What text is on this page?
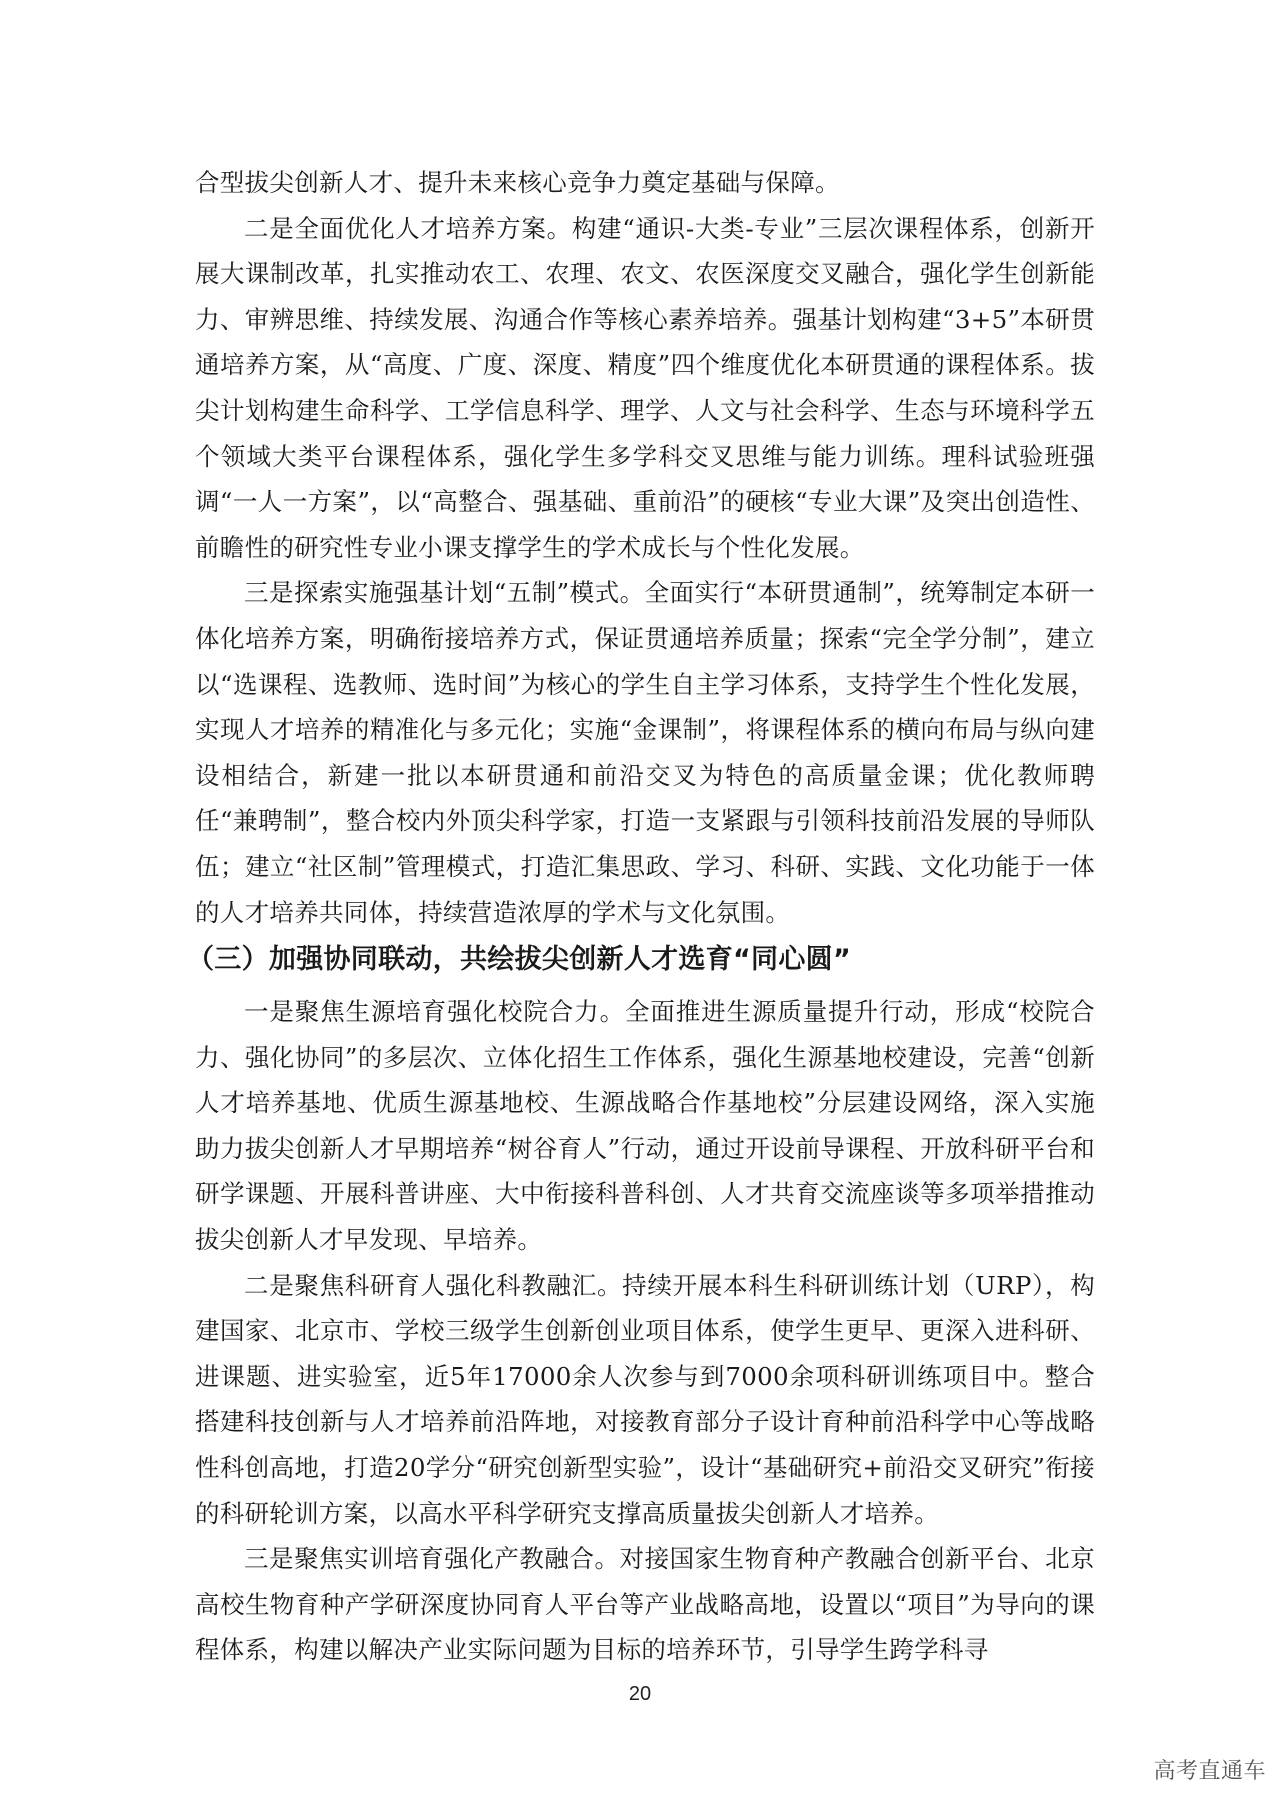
合型拔尖创新人才、提升未来核心竞争力奠定基础与保障。

二是全面优化人才培养方案。构建“通识-大类-专业”三层次课程体系，创新开展大课制改革，扎实推动农工、农理、农文、农医深度交叉融合，强化学生创新能力、审辨思维、持续发展、沟通合作等核心素养培养。强基计划构建“3+5”本研贯通培养方案，从“高度、广度、深度、精度”四个维度优化本研贯通的课程体系。拔尖计划构建生命科学、工学信息科学、理学、人文与社会科学、生态与环境科学五个领域大类平台课程体系，强化学生多学科交叉思维与能力训练。理科试验班强调“一人一方案”，以“高整合、强基础、重前沿”的硬核“专业大课”及突出创造性、前瞻性的研究性专业小课支撑学生的学术成长与个性化发展。

三是探索实施强基计划“五制”模式。全面实行“本研贯通制”，统筹制定本研一体化培养方案，明确衔接培养方式，保证贯通培养质量；探索“完全学分制”，建立以“选课程、选教师、选时间”为核心的学生自主学习体系，支持学生个性化发展，实现人才培养的精准化与多元化；实施“金课制”，将课程体系的横向布局与纵向建设相结合，新建一批以本研贯通和前沿交叉为特色的高质量金课；优化教师聘任“兼聘制”，整合校内外顶尖科学家，打造一支紧跟与引领科技前沿发展的导师队伍；建立“社区制”管理模式，打造汇集思政、学习、科研、实践、文化功能于一体的人才培养共同体，持续营造浓厚的学术与文化氛围。

（三）加强协同联动，共绘拔尖创新人才选育“同心圆”

一是聚焦生源培育强化校院合力。全面推进生源质量提升行动，形成“校院合力、强化协同”的多层次、立体化招生工作体系，强化生源基地校建设，完善“创新人才培养基地、优质生源基地校、生源战略合作基地校”分层建设网络，深入实施助力拔尖创新人才早期培养“树谷育人”行动，通过开设前导课程、开放科研平台和研学课题、开展科普讲座、大中衔接科普科创、人才共育交流座谈等多项举措推动拔尖创新人才早发现、早培养。

二是聚焦科研育人强化科教融汇。持续开展本科生科研训练计划（URP），构建国家、北京市、学校三级学生创新创业项目体系，使学生更早、更深入进科研、进课题、进实验室，近5年17000余人次参与到7000余项科研训练项目中。整合搭建科技创新与人才培养前沿阵地，对接教育部分子设计育种前沿科学中心等战略性科创高地，打造20学分“研究创新型实验”，设计“基础研究+前沿交叉研究”衔接的科研轮训方案，以高水平科学研究支撑高质量拔尖创新人才培养。

三是聚焦实训培育强化产教融合。对接国家生物育种产教融合创新平台、北京高校生物育种产学研深度协同育人平台等产业战略高地，设置以“项目”为导向的课程体系，构建以解决产业实际问题为目标的培养环节，引导学生跨学科寻

20
高考直通车
